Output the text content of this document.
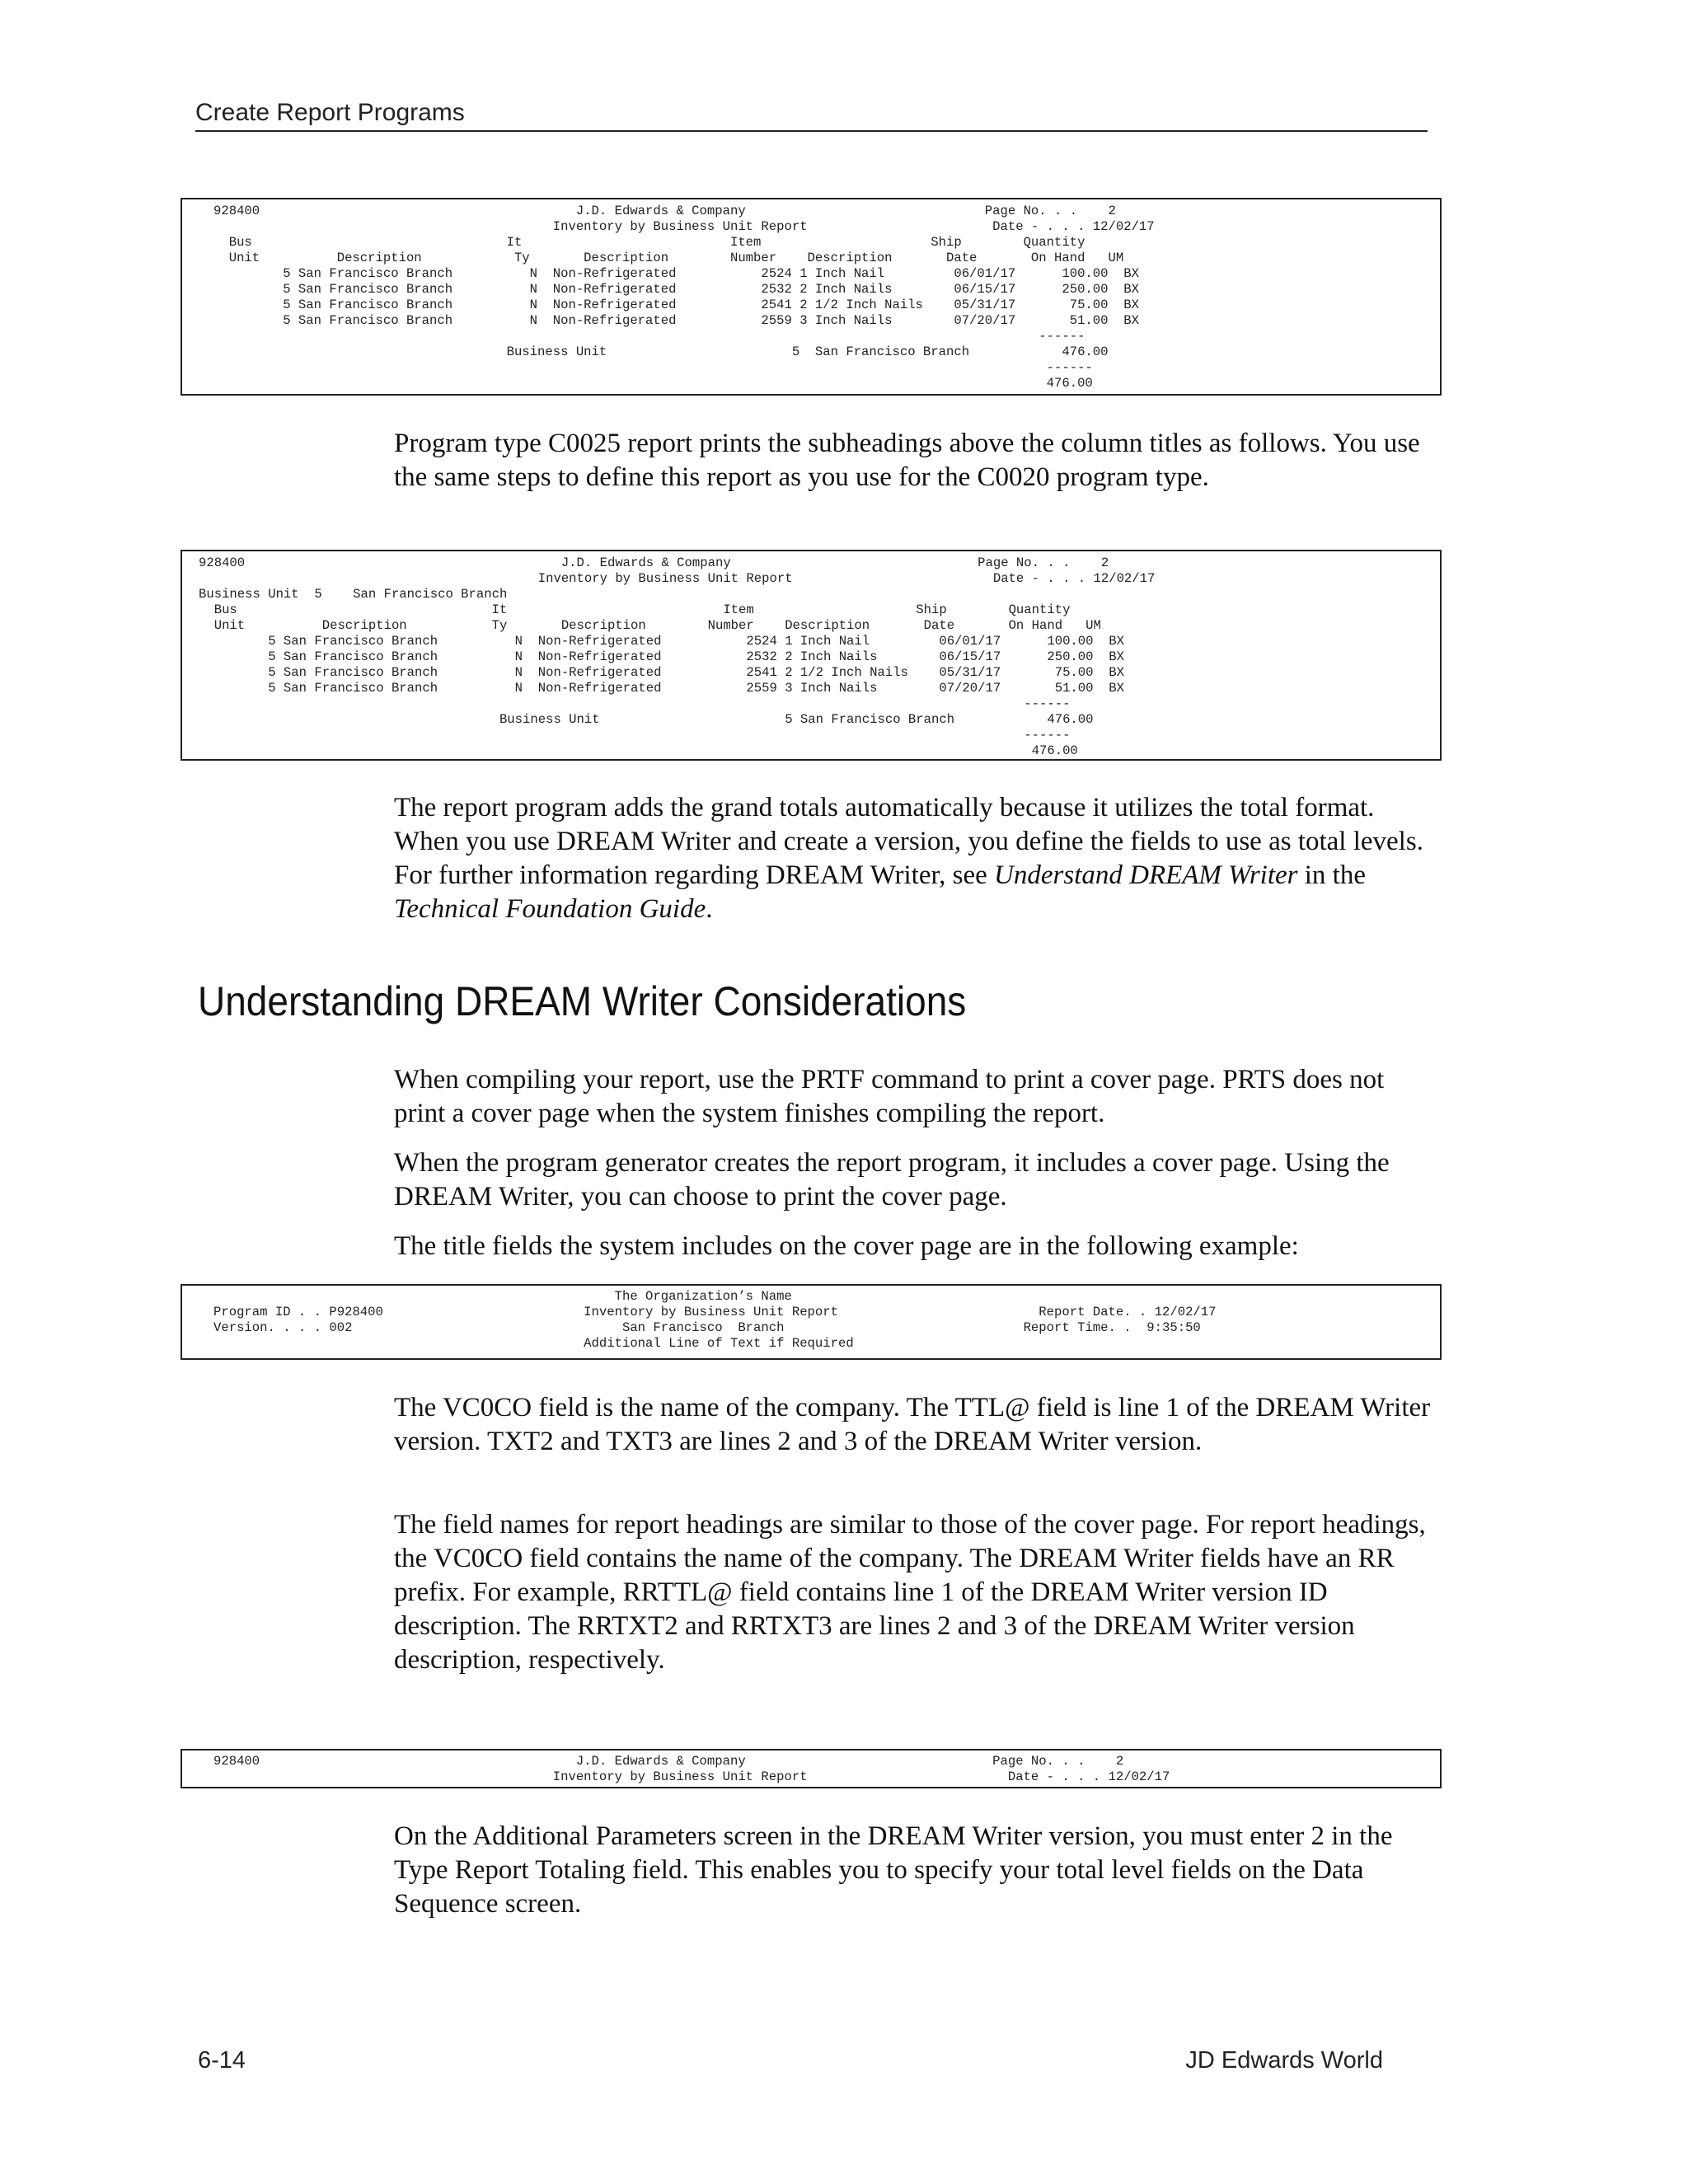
Create Report Programs
928400                                         J.D. Edwards & Company                               Page No. . .    2
Inventory by Business Unit Report                        Date - . . . 12/02/17
Bus                                 It                           Item                      Ship        Quantity
Unit          Description            Ty       Description        Number    Description       Date       On Hand   UM
5 San Francisco Branch          N  Non-Refrigerated           2524 1 Inch Nail         06/01/17      100.00  BX
5 San Francisco Branch          N  Non-Refrigerated           2532 2 Inch Nails        06/15/17      250.00  BX
5 San Francisco Branch          N  Non-Refrigerated           2541 2 1/2 Inch Nails    05/31/17       75.00  BX
5 San Francisco Branch          N  Non-Refrigerated           2559 3 Inch Nails        07/20/17       51.00  BX
------
Business Unit                        5  San Francisco Branch            476.00
------
476.00

Program type C0025 report prints the subheadings above the column titles as follows. You use the same steps to define this report as you use for the C0020 program type.

928400                                         J.D. Edwards & Company                                Page No. . .    2
Inventory by Business Unit Report                          Date - . . . 12/02/17
Business Unit  5    San Francisco Branch
Bus                                 It                            Item                     Ship        Quantity
Unit          Description           Ty       Description        Number    Description       Date       On Hand   UM
5 San Francisco Branch          N  Non-Refrigerated           2524 1 Inch Nail         06/01/17      100.00  BX
5 San Francisco Branch          N  Non-Refrigerated           2532 2 Inch Nails        06/15/17      250.00  BX
5 San Francisco Branch          N  Non-Refrigerated           2541 2 1/2 Inch Nails    05/31/17       75.00  BX
5 San Francisco Branch          N  Non-Refrigerated           2559 3 Inch Nails        07/20/17       51.00  BX
------
Business Unit                        5 San Francisco Branch            476.00
------
476.00

The report program adds the grand totals automatically because it utilizes the total format. When you use DREAM Writer and create a version, you define the fields to use as total levels. For further information regarding DREAM Writer, see Understand DREAM Writer in the Technical Foundation Guide.

Understanding DREAM Writer Considerations

When compiling your report, use the PRTF command to print a cover page. PRTS does not print a cover page when the system finishes compiling the report.

When the program generator creates the report program, it includes a cover page. Using the DREAM Writer, you can choose to print the cover page.

The title fields the system includes on the cover page are in the following example:

The Organization’s Name
Program ID . . P928400                          Inventory by Business Unit Report                          Report Date. . 12/02/17
Version. . . . 002                                   San Francisco  Branch                               Report Time. .  9:35:50
Additional Line of Text if Required

The VC0CO field is the name of the company. The TTL@ field is line 1 of the DREAM Writer version. TXT2 and TXT3 are lines 2 and 3 of the DREAM Writer version.

The field names for report headings are similar to those of the cover page. For report headings, the VC0CO field contains the name of the company. The DREAM Writer fields have an RR prefix. For example, RRTTL@ field contains line 1 of the DREAM Writer version ID description. The RRTXT2 and RRTXT3 are lines 2 and 3 of the DREAM Writer version description, respectively.

928400                                         J.D. Edwards & Company                                Page No. . .    2
Inventory by Business Unit Report                          Date - . . . 12/02/17

On the Additional Parameters screen in the DREAM Writer version, you must enter 2 in the Type Report Totaling field. This enables you to specify your total level fields on the Data Sequence screen.

6-14	JD Edwards World
